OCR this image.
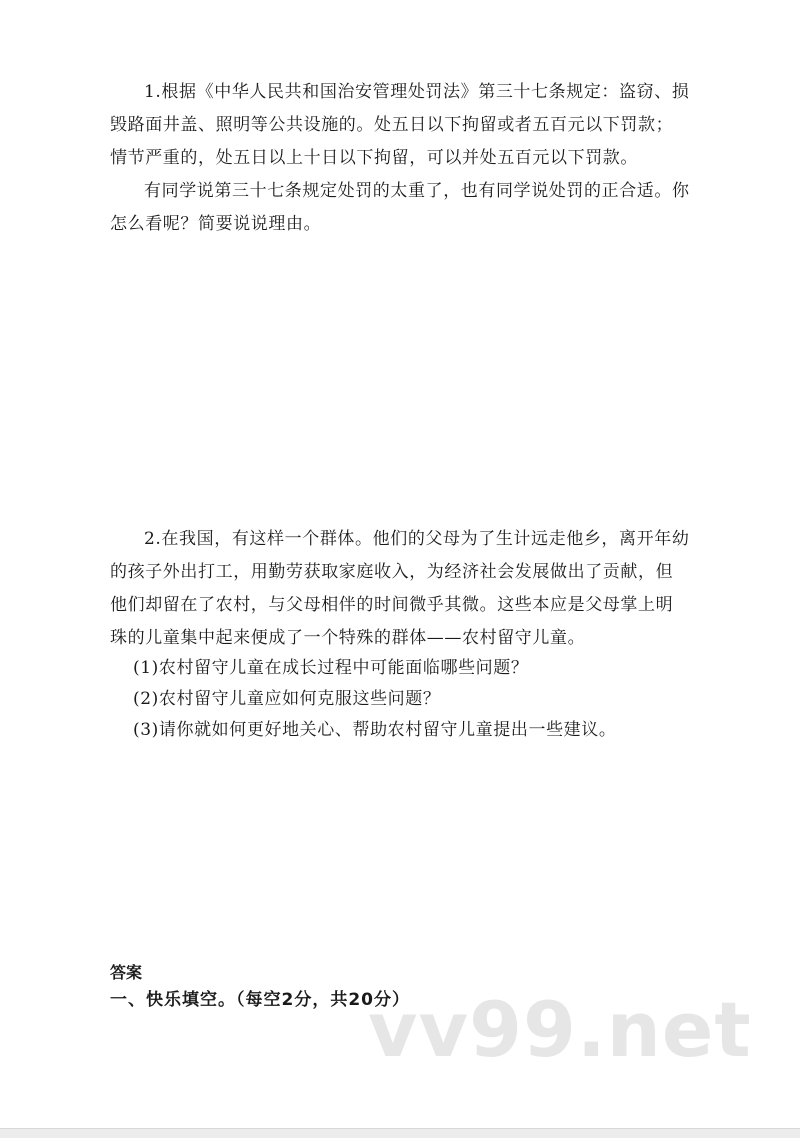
1.根据《中华人民共和国治安管理处罚法》第三十七条规定：盗窃、损毁路面井盖、照明等公共设施的。处五日以下拘留或者五百元以下罚款；情节严重的，处五日以上十日以下拘留，可以并处五百元以下罚款。

有同学说第三十七条规定处罚的太重了，也有同学说处罚的正合适。你怎么看呢？简要说说理由。

2.在我国，有这样一个群体。他们的父母为了生计远走他乡，离开年幼的孩子外出打工，用勤劳获取家庭收入，为经济社会发展做出了贡献，但他们却留在了农村，与父母相伴的时间微乎其微。这些本应是父母掌上明珠的儿童集中起来便成了一个特殊的群体——农村留守儿童。

(1)农村留守儿童在成长过程中可能面临哪些问题？

(2)农村留守儿童应如何克服这些问题？

(3)请你就如何更好地关心、帮助农村留守儿童提出一些建议。

答案

一、快乐填空。（每空2分，共20分）

vv99.net
